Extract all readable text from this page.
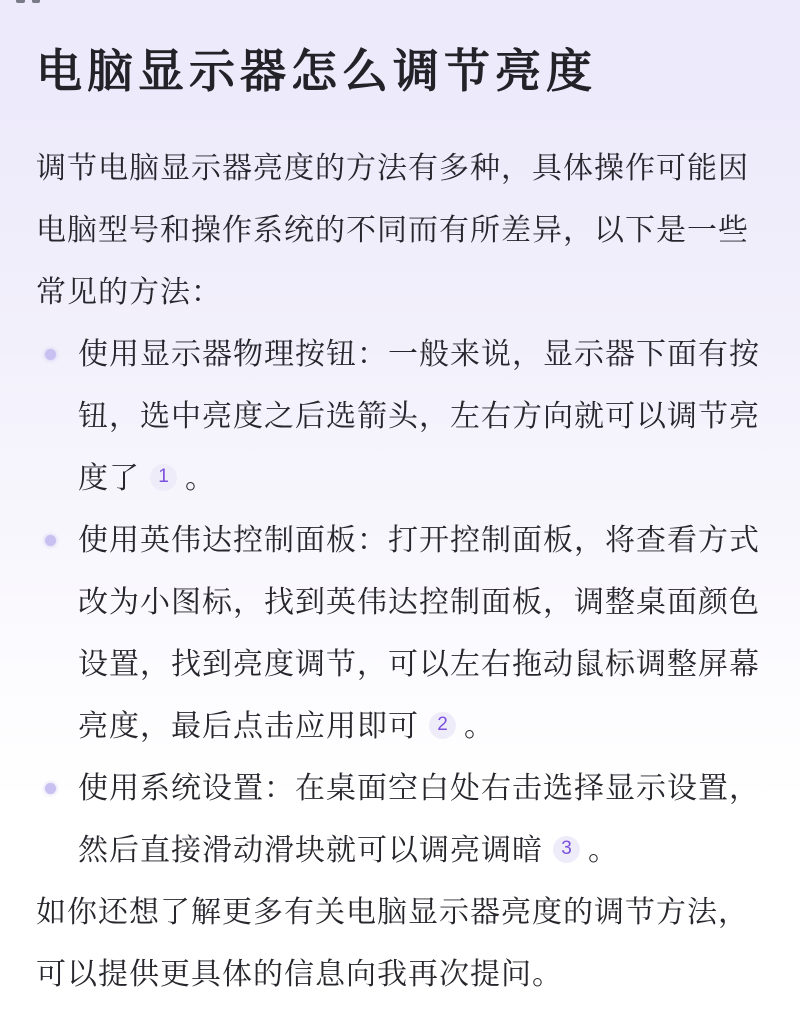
电脑显示器怎么调节亮度
调节电脑显示器亮度的方法有多种，具体操作可能因
电脑型号和操作系统的不同而有所差异，以下是一些
常见的方法：
使用显示器物理按钮：一般来说，显示器下面有按
钮，选中亮度之后选箭头，左右方向就可以调节亮
度了 1 。
使用英伟达控制面板：打开控制面板，将查看方式
改为小图标，找到英伟达控制面板，调整桌面颜色
设置，找到亮度调节，可以左右拖动鼠标调整屏幕
亮度，最后点击应用即可 2 。
使用系统设置：在桌面空白处右击选择显示设置，
然后直接滑动滑块就可以调亮调暗 3 。
如你还想了解更多有关电脑显示器亮度的调节方法，
可以提供更具体的信息向我再次提问。
